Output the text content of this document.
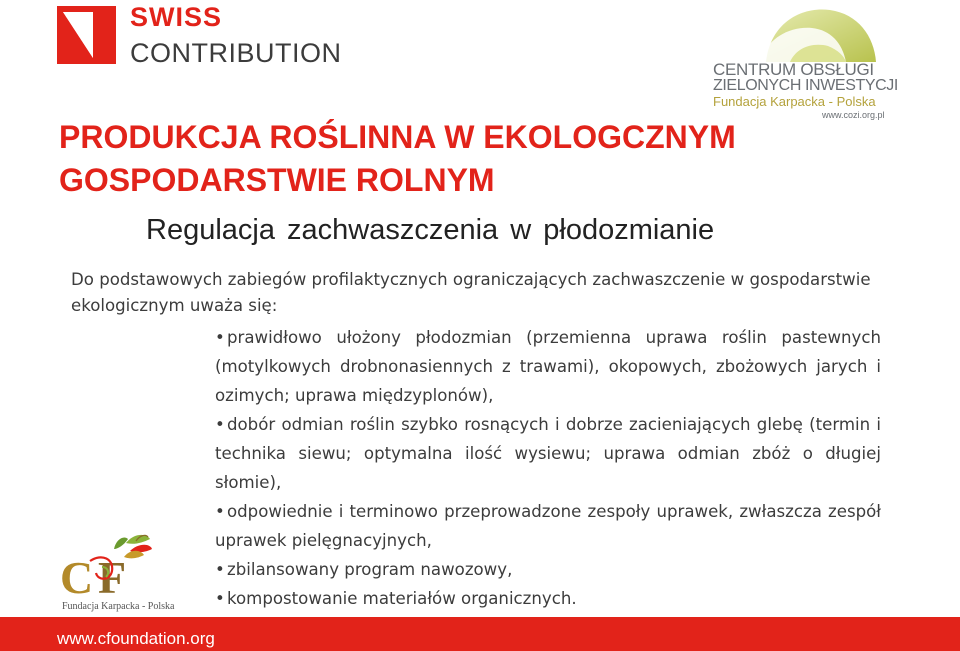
SWISS
CONTRIBUTION
CENTRUM OBSŁUGI
ZIELONYCH INWESTYCJI
Fundacja Karpacka - Polska
www.cozi.org.pl
PRODUKCJA ROŚLINNA W EKOLOGCZNYM GOSPODARSTWIE ROLNYM
Regulacja zachwaszczenia w płodozmianie
Do podstawowych zabiegów profilaktycznych ograniczających zachwaszczenie w gospodarstwie ekologicznym uważa się:
• prawidłowo ułożony płodozmian (przemienna uprawa roślin pastewnych (motylkowych drobnonasiennych z trawami), okopowych, zbożowych jarych i ozimych; uprawa międzyplonów),
• dobór odmian roślin szybko rosnących i dobrze zacieniających glebę (termin i technika siewu; optymalna ilość wysiewu; uprawa odmian zbóż o długiej słomie),
• odpowiednie i terminowo przeprowadzone zespoły uprawek, zwłaszcza zespół uprawek pielęgnacyjnych,
• zbilansowany program nawozowy,
• kompostowanie materiałów organicznych.
C F
Fundacja Karpacka - Polska
www.cfoundation.org
